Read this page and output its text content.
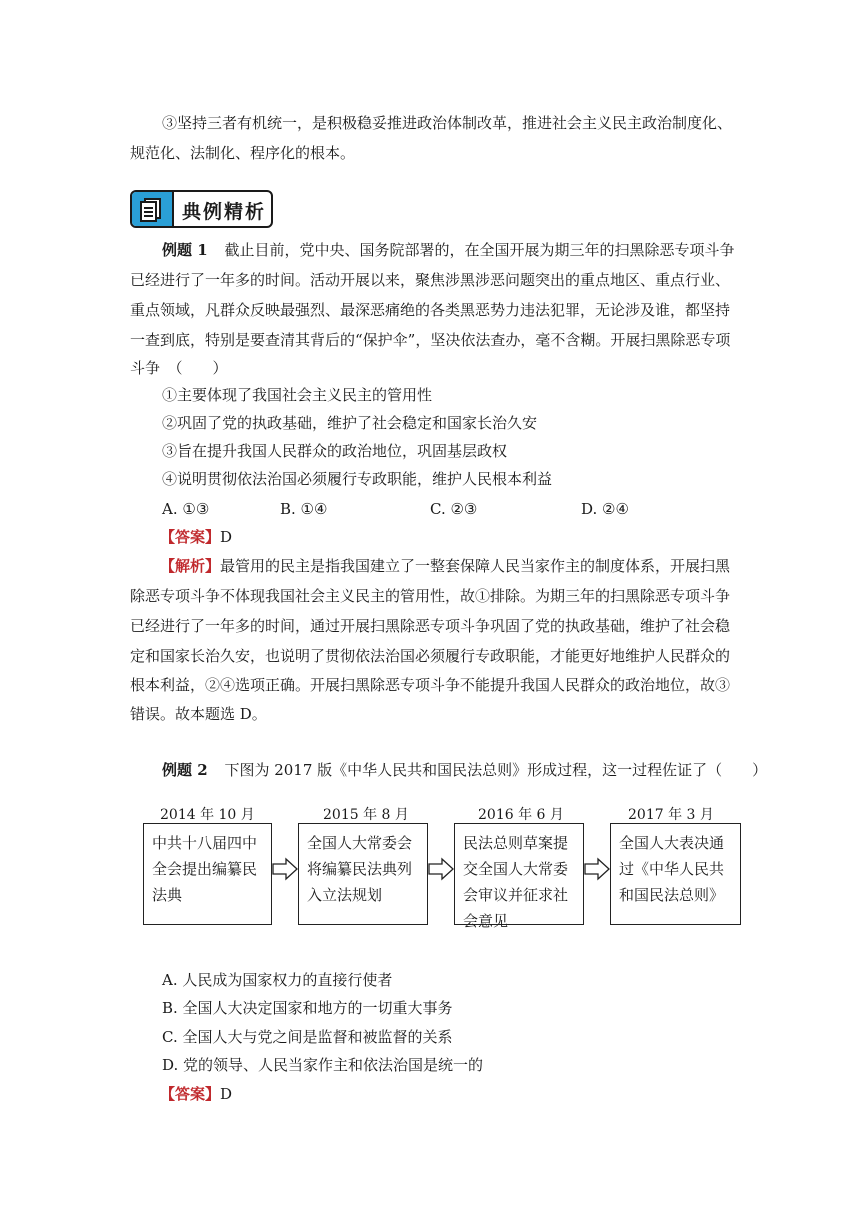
③坚持三者有机统一，是积极稳妥推进政治体制改革，推进社会主义民主政治制度化、
规范化、法制化、程序化的根本。
典例精析
例题 1 截止目前，党中央、国务院部署的，在全国开展为期三年的扫黑除恶专项斗争
已经进行了一年多的时间。活动开展以来，聚焦涉黑涉恶问题突出的重点地区、重点行业、
重点领域，凡群众反映最强烈、最深恶痛绝的各类黑恶势力违法犯罪，无论涉及谁，都坚持
一查到底，特别是要查清其背后的“保护伞”，坚决依法查办，毫不含糊。开展扫黑除恶专项
斗争　（　　）
①主要体现了我国社会主义民主的管用性
②巩固了党的执政基础，维护了社会稳定和国家长治久安
③旨在提升我国人民群众的政治地位，巩固基层政权
④说明贯彻依法治国必须履行专政职能，维护人民根本利益
A. ①③	B. ①④	C. ②③	D. ②④
【答案】D
【解析】最管用的民主是指我国建立了一整套保障人民当家作主的制度体系，开展扫黑
除恶专项斗争不体现我国社会主义民主的管用性，故①排除。为期三年的扫黑除恶专项斗争
已经进行了一年多的时间，通过开展扫黑除恶专项斗争巩固了党的执政基础，维护了社会稳
定和国家长治久安，也说明了贯彻依法治国必须履行专政职能，才能更好地维护人民群众的
根本利益，②④选项正确。开展扫黑除恶专项斗争不能提升我国人民群众的政治地位，故③
错误。故本题选 D。
例题 2 下图为 2017 版《中华人民共和国民法总则》形成过程，这一过程佐证了（　　）
2014 年 10 月	2015 年 8 月	2016 年 6 月	2017 年 3 月
中共十八届四中全会提出编纂民法典
全国人大常委会将编纂民法典列入立法规划
民法总则草案提交全国人大常委会审议并征求社会意见
全国人大表决通过《中华人民共和国民法总则》
A. 人民成为国家权力的直接行使者
B. 全国人大决定国家和地方的一切重大事务
C. 全国人大与党之间是监督和被监督的关系
D. 党的领导、人民当家作主和依法治国是统一的
【答案】D
